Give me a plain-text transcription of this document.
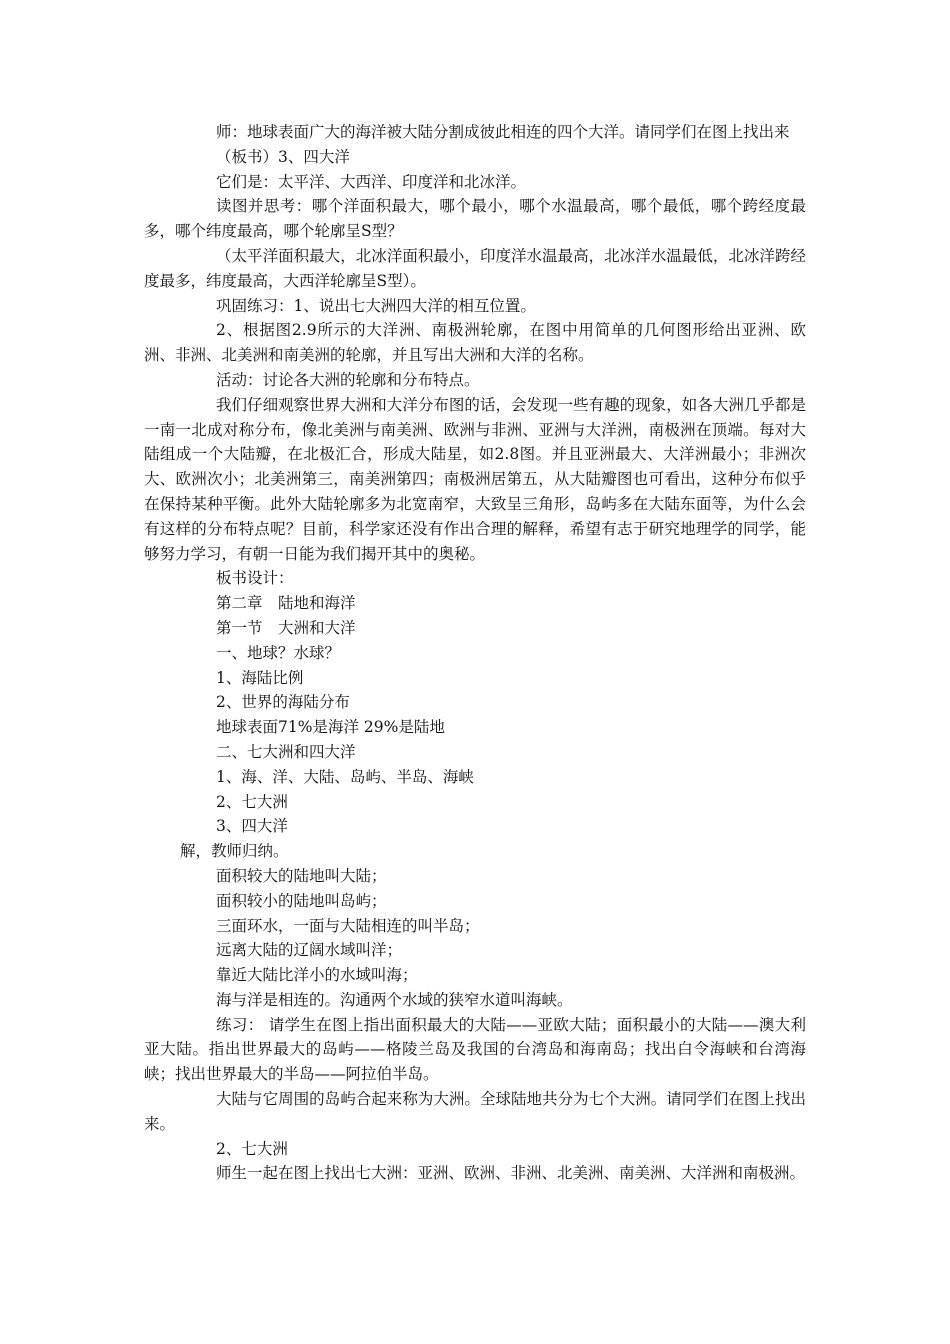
师：地球表面广大的海洋被大陆分割成彼此相连的四个大洋。请同学们在图上找出来

（板书）3、四大洋

它们是：太平洋、大西洋、印度洋和北冰洋。

读图并思考：哪个洋面积最大，哪个最小，哪个水温最高，哪个最低，哪个跨经度最多，哪个纬度最高，哪个轮廓呈S型？

（太平洋面积最大，北冰洋面积最小，印度洋水温最高，北冰洋水温最低，北冰洋跨经度最多，纬度最高，大西洋轮廓呈S型）。

巩固练习：1、说出七大洲四大洋的相互位置。

2、根据图2.9所示的大洋洲、南极洲轮廓，在图中用简单的几何图形给出亚洲、欧洲、非洲、北美洲和南美洲的轮廓，并且写出大洲和大洋的名称。

活动：讨论各大洲的轮廓和分布特点。

我们仔细观察世界大洲和大洋分布图的话，会发现一些有趣的现象，如各大洲几乎都是一南一北成对称分布，像北美洲与南美洲、欧洲与非洲、亚洲与大洋洲，南极洲在顶端。每对大陆组成一个大陆瓣，在北极汇合，形成大陆星，如2.8图。并且亚洲最大、大洋洲最小；非洲次大、欧洲次小；北美洲第三，南美洲第四；南极洲居第五，从大陆瓣图也可看出，这种分布似乎在保持某种平衡。此外大陆轮廓多为北宽南窄，大致呈三角形，岛屿多在大陆东面等，为什么会有这样的分布特点呢？目前，科学家还没有作出合理的解释，希望有志于研究地理学的同学，能够努力学习，有朝一日能为我们揭开其中的奥秘。

板书设计：

第二章　陆地和海洋

第一节　大洲和大洋

一、地球？水球？

1、海陆比例

2、世界的海陆分布

地球表面71%是海洋 29%是陆地

二、七大洲和四大洋

1、海、洋、大陆、岛屿、半岛、海峡

2、七大洲

3、四大洋

解，教师归纳。

面积较大的陆地叫大陆；

面积较小的陆地叫岛屿；

三面环水，一面与大陆相连的叫半岛；

远离大陆的辽阔水域叫洋；

靠近大陆比洋小的水域叫海；

海与洋是相连的。沟通两个水域的狭窄水道叫海峡。

练习： 请学生在图上指出面积最大的大陆——亚欧大陆；面积最小的大陆——澳大利亚大陆。指出世界最大的岛屿——格陵兰岛及我国的台湾岛和海南岛；找出白令海峡和台湾海峡；找出世界最大的半岛——阿拉伯半岛。

大陆与它周围的岛屿合起来称为大洲。全球陆地共分为七个大洲。请同学们在图上找出来。

2、七大洲

师生一起在图上找出七大洲：亚洲、欧洲、非洲、北美洲、南美洲、大洋洲和南极洲。
